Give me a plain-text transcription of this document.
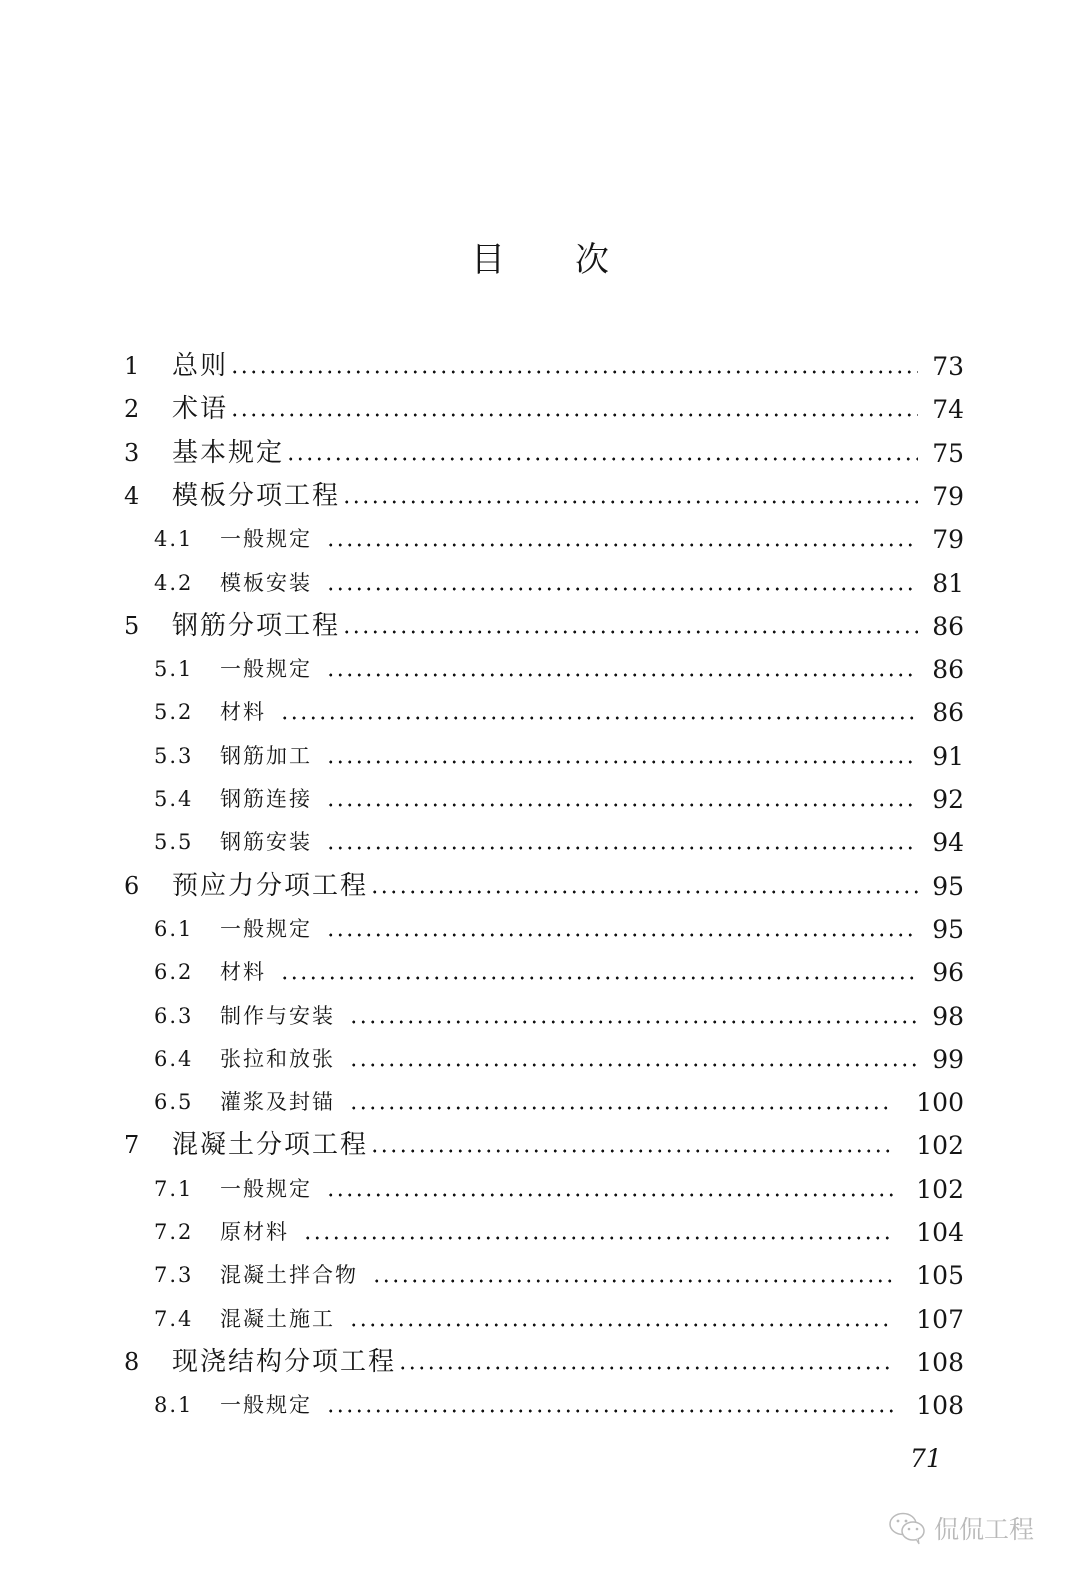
目 次
1 总则	73
2 术语	74
3 基本规定	75
4 模板分项工程	79
4.1 一般规定	79
4.2 模板安装	81
5 钢筋分项工程	86
5.1 一般规定	86
5.2 材料	86
5.3 钢筋加工	91
5.4 钢筋连接	92
5.5 钢筋安装	94
6 预应力分项工程	95
6.1 一般规定	95
6.2 材料	96
6.3 制作与安装	98
6.4 张拉和放张	99
6.5 灌浆及封锚	100
7 混凝土分项工程	102
7.1 一般规定	102
7.2 原材料	104
7.3 混凝土拌合物	105
7.4 混凝土施工	107
8 现浇结构分项工程	108
8.1 一般规定	108
71
侃侃工程
